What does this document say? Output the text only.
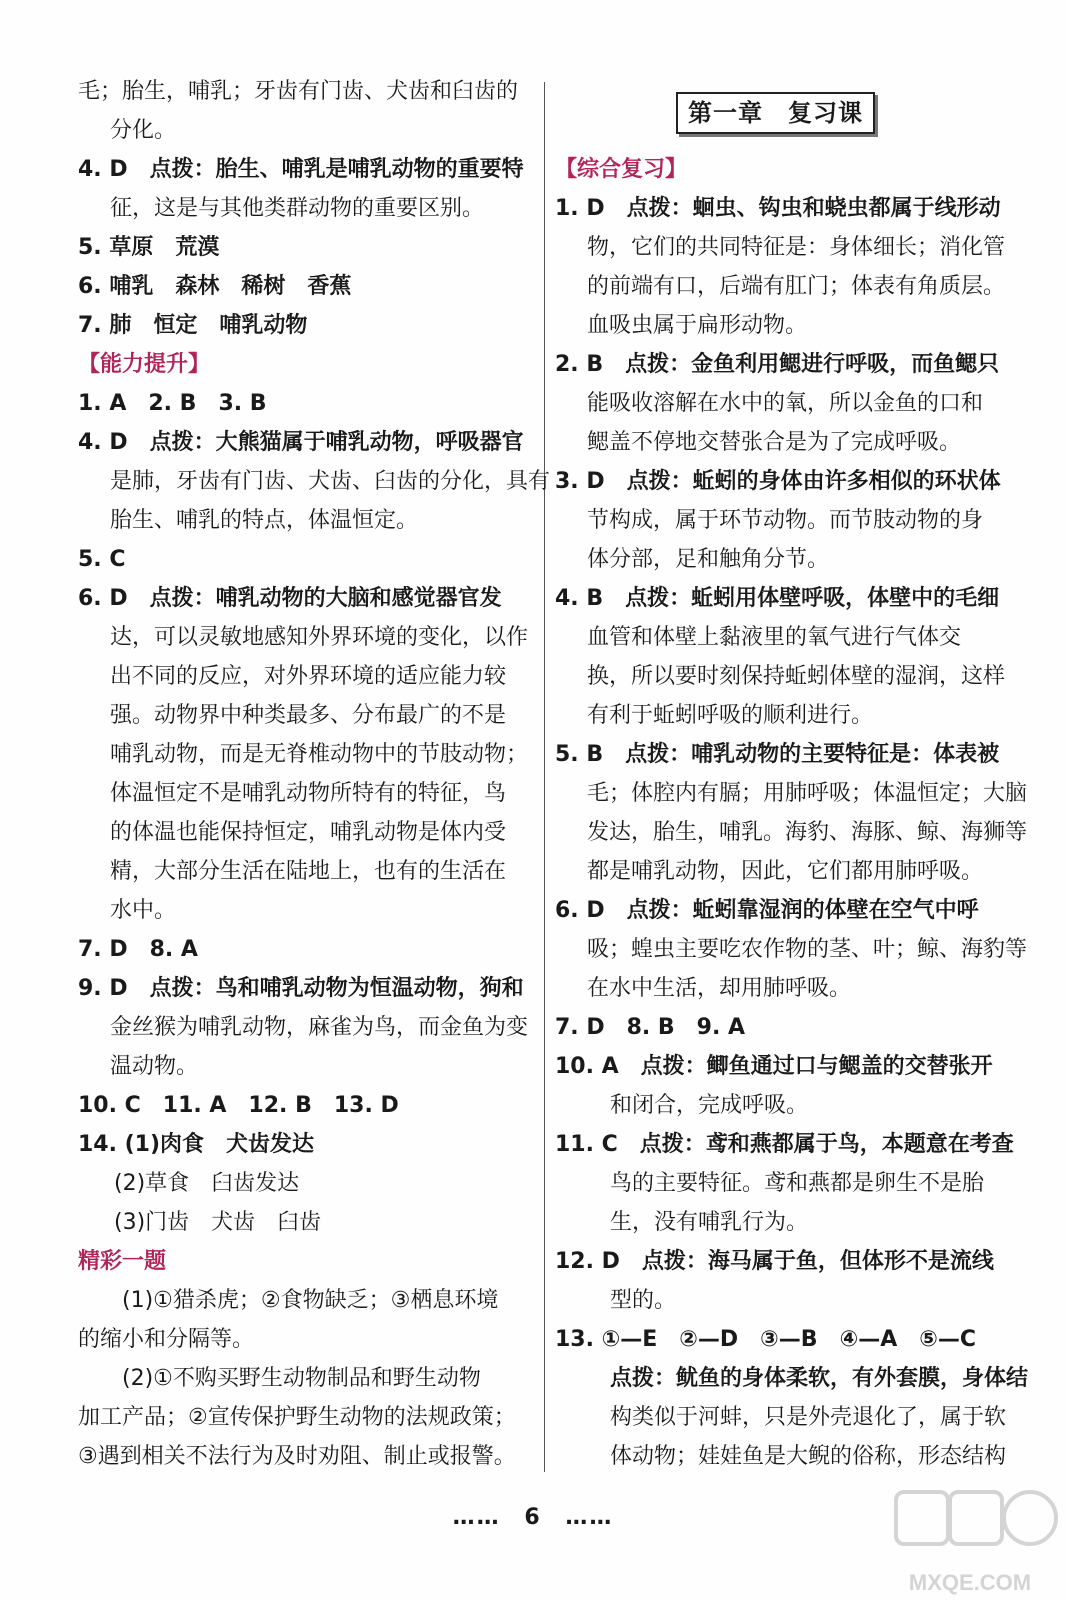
毛；胎生，哺乳；牙齿有门齿、犬齿和臼齿的
分化。
4. D　点拨：胎生、哺乳是哺乳动物的重要特
征，这是与其他类群动物的重要区别。
5. 草原　荒漠
6. 哺乳　森林　稀树　香蕉
7. 肺　恒定　哺乳动物
【能力提升】
1. A　2. B　3. B
4. D　点拨：大熊猫属于哺乳动物，呼吸器官
是肺，牙齿有门齿、犬齿、臼齿的分化，具有
胎生、哺乳的特点，体温恒定。
5. C
6. D　点拨：哺乳动物的大脑和感觉器官发
达，可以灵敏地感知外界环境的变化，以作
出不同的反应，对外界环境的适应能力较
强。动物界中种类最多、分布最广的不是
哺乳动物，而是无脊椎动物中的节肢动物；
体温恒定不是哺乳动物所特有的特征，鸟
的体温也能保持恒定，哺乳动物是体内受
精，大部分生活在陆地上，也有的生活在
水中。
7. D　8. A
9. D　点拨：鸟和哺乳动物为恒温动物，狗和
金丝猴为哺乳动物，麻雀为鸟，而金鱼为变
温动物。
10. C　11. A　12. B　13. D
14. (1)肉食　犬齿发达
(2)草食　臼齿发达
(3)门齿　犬齿　臼齿
精彩一题
(1)①猎杀虎；②食物缺乏；③栖息环境
的缩小和分隔等。
(2)①不购买野生动物制品和野生动物
加工产品；②宣传保护野生动物的法规政策；
③遇到相关不法行为及时劝阻、制止或报警。
第一章　复习课
【综合复习】
1. D　点拨：蛔虫、钩虫和蛲虫都属于线形动
物，它们的共同特征是：身体细长；消化管
的前端有口，后端有肛门；体表有角质层。
血吸虫属于扁形动物。
2. B　点拨：金鱼利用鳃进行呼吸，而鱼鳃只
能吸收溶解在水中的氧，所以金鱼的口和
鳃盖不停地交替张合是为了完成呼吸。
3. D　点拨：蚯蚓的身体由许多相似的环状体
节构成，属于环节动物。而节肢动物的身
体分部，足和触角分节。
4. B　点拨：蚯蚓用体壁呼吸，体壁中的毛细
血管和体壁上黏液里的氧气进行气体交
换，所以要时刻保持蚯蚓体壁的湿润，这样
有利于蚯蚓呼吸的顺利进行。
5. B　点拨：哺乳动物的主要特征是：体表被
毛；体腔内有膈；用肺呼吸；体温恒定；大脑
发达，胎生，哺乳。海豹、海豚、鲸、海狮等
都是哺乳动物，因此，它们都用肺呼吸。
6. D　点拨：蚯蚓靠湿润的体壁在空气中呼
吸；蝗虫主要吃农作物的茎、叶；鲸、海豹等
在水中生活，却用肺呼吸。
7. D　8. B　9. A
10. A　点拨：鲫鱼通过口与鳃盖的交替张开
和闭合，完成呼吸。
11. C　点拨：鸢和燕都属于鸟，本题意在考查
鸟的主要特征。鸢和燕都是卵生不是胎
生，没有哺乳行为。
12. D　点拨：海马属于鱼，但体形不是流线
型的。
13. ①—E　②—D　③—B　④—A　⑤—C
点拨：鱿鱼的身体柔软，有外套膜，身体结
构类似于河蚌，只是外壳退化了，属于软
体动物；娃娃鱼是大鲵的俗称，形态结构
…… 6 ……
MXQE.COM
